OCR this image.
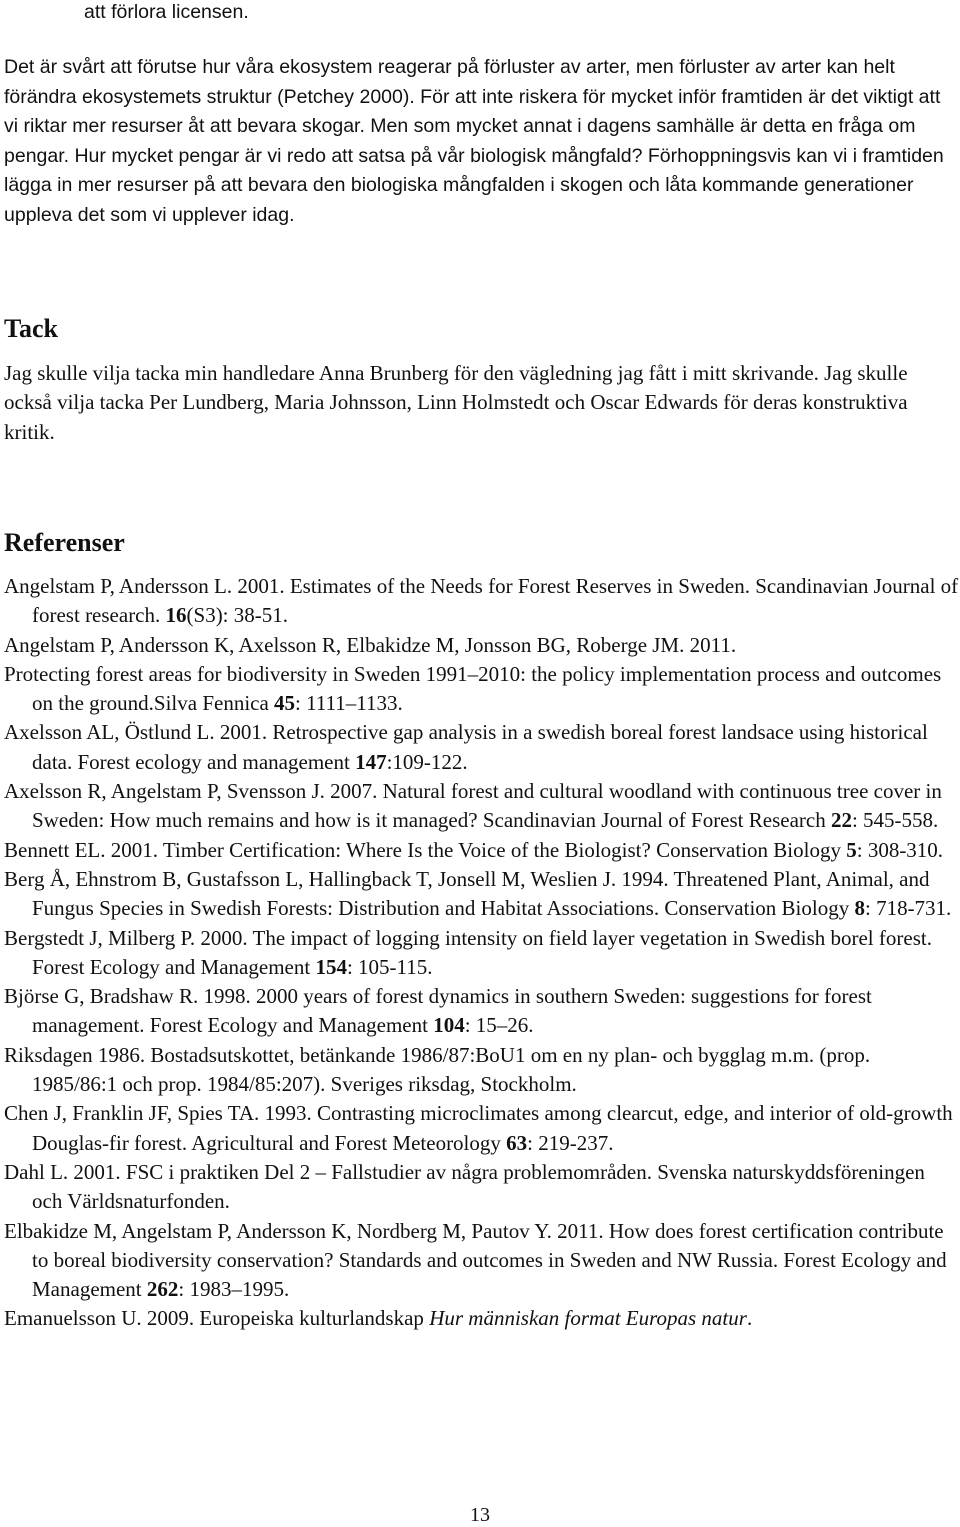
att förlora licensen.

Det är svårt att förutse hur våra ekosystem reagerar på förluster av arter, men förluster av arter kan helt förändra ekosystemets struktur (Petchey 2000). För att inte riskera för mycket inför framtiden är det viktigt att vi riktar mer resurser åt att bevara skogar. Men som mycket annat i dagens samhälle är detta en fråga om pengar. Hur mycket pengar är vi redo att satsa på vår biologisk mångfald? Förhoppningsvis kan vi i framtiden lägga in mer resurser på att bevara den biologiska mångfalden i skogen och låta kommande generationer uppleva det som vi upplever idag.

Tack

Jag skulle vilja tacka min handledare Anna Brunberg för den vägledning jag fått i mitt skrivande. Jag skulle också vilja tacka Per Lundberg, Maria Johnsson, Linn Holmstedt och Oscar Edwards för deras konstruktiva kritik.

Referenser
Angelstam P, Andersson L. 2001. Estimates of the Needs for Forest Reserves in Sweden. Scandinavian Journal of forest research. 16(S3): 38-51.
Angelstam P, Andersson K, Axelsson R, Elbakidze M, Jonsson BG, Roberge JM. 2011.
Protecting forest areas for biodiversity in Sweden 1991–2010: the policy implementation process and outcomes on the ground.Silva Fennica 45: 1111–1133.
Axelsson AL, Östlund L. 2001. Retrospective gap analysis in a swedish boreal forest landsace using historical data. Forest ecology and management 147:109-122.
Axelsson R, Angelstam P, Svensson J. 2007. Natural forest and cultural woodland with continuous tree cover in Sweden: How much remains and how is it managed? Scandinavian Journal of Forest Research 22: 545-558.
Bennett EL. 2001. Timber Certification: Where Is the Voice of the Biologist? Conservation Biology 5: 308-310.
Berg Å, Ehnstrom B, Gustafsson L, Hallingback T, Jonsell M, Weslien J. 1994. Threatened Plant, Animal, and Fungus Species in Swedish Forests: Distribution and Habitat Associations. Conservation Biology 8: 718-731.
Bergstedt J, Milberg P. 2000. The impact of logging intensity on field layer vegetation in Swedish borel forest. Forest Ecology and Management 154: 105-115.
Björse G, Bradshaw R. 1998. 2000 years of forest dynamics in southern Sweden: suggestions for forest management. Forest Ecology and Management 104: 15–26.
Riksdagen 1986. Bostadsutskottet, betänkande 1986/87:BoU1 om en ny plan- och bygglag m.m. (prop. 1985/86:1 och prop. 1984/85:207). Sveriges riksdag, Stockholm.
Chen J, Franklin JF, Spies TA. 1993. Contrasting microclimates among clearcut, edge, and interior of old-growth Douglas-fir forest. Agricultural and Forest Meteorology 63: 219-237.
Dahl L. 2001. FSC i praktiken Del 2 – Fallstudier av några problemområden. Svenska naturskyddsföreningen och Världsnaturfonden.
Elbakidze M, Angelstam P, Andersson K, Nordberg M, Pautov Y. 2011. How does forest certification contribute to boreal biodiversity conservation? Standards and outcomes in Sweden and NW Russia. Forest Ecology and Management 262: 1983–1995.
Emanuelsson U. 2009. Europeiska kulturlandskap Hur människan format Europas natur.
13
